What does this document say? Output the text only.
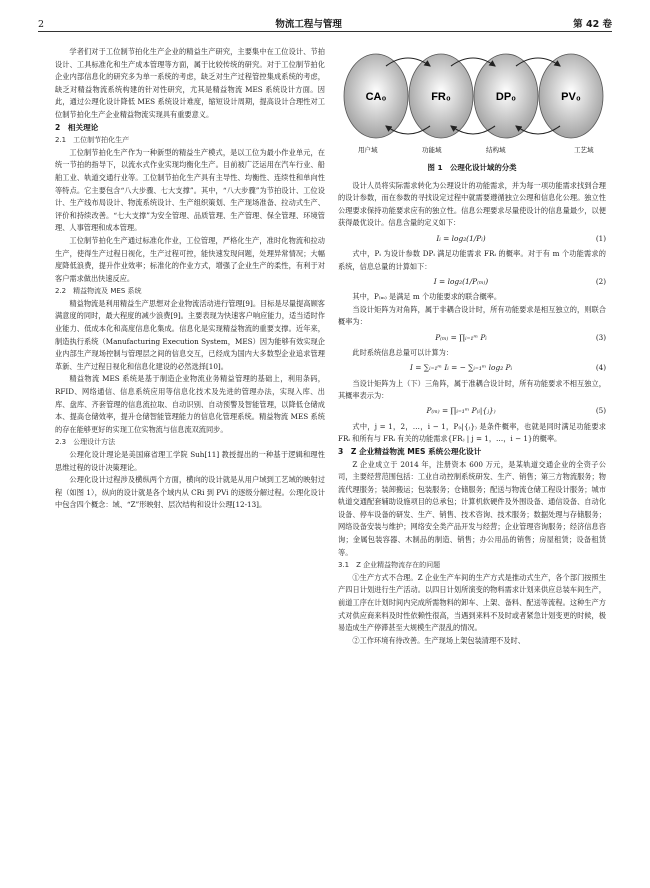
2	物流工程与管理	第 42 卷

学者们对于工位制节拍化生产企业的精益生产研究，主要集中在工位设计、节拍设计、工具标准化和生产成本管理等方面，属于比较传统的研究。对于工位制节拍化企业内部信息化的研究多为单一系统的考虑，缺乏对生产过程管控集成系统的考虑，缺乏对精益物流系统构建的针对性研究，尤其是精益物流 MES 系统设计方面。因此，通过公理化设计降低 MES 系统设计难度，缩短设计周期，提高设计合理性对工位制节拍化生产企业精益物流实现具有重要意义。

2　相关理论
2.1　工位制节拍化生产

工位制节拍化生产作为一种新型的精益生产模式，是以工位为最小作业单元，在统一节拍的指导下，以流水式作业实现均衡化生产。目前被广泛运用在汽车行业、船舶工业、轨道交通行业等。工位制节拍化生产具有主导性、均衡性、连续性和单向性等特点。它主要包含“八大步骤、七大支撑”。其中，“八大步骤”为节拍设计、工位设计、生产线布局设计、物流系统设计、生产组织策划、生产现场准备、拉动式生产、评价和持续改善。“七大支撑”为安全管理、品质管理、生产管理、保全管理、环境管理、人事管理和成本管理。

工位制节拍化生产通过标准化作业，工位管理，严格化生产，准时化物流和拉动生产，使得生产过程日视化，生产过程可控，能快速发现问题，处理异常情况；大幅度降低浪费，提升作业效率；标准化的作业方式，增强了企业生产的柔性，有利于对客户需求做出快速反应。

2.2　精益物流及 MES 系统

精益物流是利用精益生产思想对企业物流活动进行管理[9]。目标是尽量提高顾客满意度的同时，最大程度的减少浪费[9]。主要表现为快速客户响应能力，适当适时作业能力、低成本化和高度信息化集成。信息化是实现精益物流的重要支撑。近年来，制造执行系统（Manufacturing Execution System，MES）因为能够有效实现企业内部生产现场控制与管理层之间的信息交互，已经成为国内大多数型企业追求管理革新、生产过程日视化和信息化建设的必然选择[10]。

精益物流 MES 系统是基于制造企业物流业务精益管理的基础上，利用条码，RFID、网络通信、信息系统应用等信息化技术及先进的管理办法，实现入库、出库、盘库、齐套管理的信息流拉取、自动识别、自动预警及智能管理，以降低仓储成本、提高仓储效率，提升仓储智能管理能力的信息化管理系统。精益物流 MES 系统的存在能够更好的实现工位实物流与信息流双流同步。

2.3　公理设计方法

公理化设计理论是美国麻省理工学院 Suh[11] 教授提出的一种基于逻辑和理性思维过程的设计决策理论。

公理化设计过程涉及横纵两个方面，横向的设计就是从用户域到工艺域的映射过程（如图 1），纵向的设计就是各个域内从 CRi 到 PVi 的逐级分解过程。公理化设计中包含四个概念：域、“Z”形映射、层次结构和设计公理[12-13]。

CA₀	FR₀	DP₀	PV₀
用户域	功能域	结构域	工艺域
图 1　公理化设计域的分类

设计人员将实际需求转化为公理设计的功能需求，并为每一项功能需求找到合理的设计参数，而在参数的寻找设定过程中就需要遵循独立公理和信息化公理。独立性公理要求保持功能要求应有的独立性。信息公理要求尽量使设计的信息量最少，以便获得最优设计。信息含量的定义如下：

Iᵢ = log₂(1/Pᵢ)	(1)

式中，Pᵢ 为设计参数 DPᵢ 满足功能需求 FRᵢ 的概率。对于有 m 个功能需求的系统，信息总量的计算如下：

I = log₂(1/P₍ₘ₎)	(2)

其中，P₍ₘ₎ 是满足 m 个功能要求的联合概率。

当设计矩阵为对角阵，属于非耦合设计时，所有功能要求是相互独立的，则联合概率为：

P₍ₘ₎ = ∏ᵢ₌₁ᵐ Pᵢ	(3)

此时系统信息总量可以计算为：

I = ∑ᵢ₌₁ᵐ Iᵢ = − ∑ᵢ₌₁ᵐ log₂ Pᵢ	(4)

当设计矩阵为上（下）三角阵，属于准耦合设计时，所有功能要求不相互独立，其概率表示为：

P₍ₘ₎ = ∏ᵢ₌₁ᵐ P₍ᵢ|{ⱼ}₎	(5)

式中，j = 1，2，…，i − 1，P₍ᵢ|{ⱼ}₎ 是条件概率，也就是同时满足功能要求 FRᵢ 和所有与 FRᵢ 有关的功能需求{FRⱼ | j = 1，…，i − 1}的概率。

3　Z 企业精益物流 MES 系统公理化设计

Z 企业成立于 2014 年，注册资本 600 万元，是某轨道交通企业的全资子公司，主要经营范围包括：工业自动控制系统研发、生产、销售；第三方物流服务；物流代理服务；装卸搬运；包装服务；仓储服务；配送与物流仓储工程设计服务；城市轨道交通配套辅助设施项目的总承包；计算机软硬件及外围设备、通信设备、自动化设备、停车设备的研发、生产、销售、技术咨询、技术服务；数据处理与存储服务；网络设备安装与维护；网络安全类产品开发与经营；企业管理咨询服务；经济信息咨询；金属包装容器、木制品的制造、销售；办公用品的销售；房屋租赁；设备租赁等。

3.1　Z 企业精益物流存在的问题

①生产方式不合理。Z 企业生产车间的生产方式是推动式生产，各个部门按照生产四日计划进行生产活动。以四日计划所演变的物料需求计划来供应总装车间生产，前道工序在计划时间内完成所需物料的卸车、上架、备料、配送等流程。这种生产方式对供应商来料及时性依赖性很高，当遇到来料不及时或者紧急计划变更的时候，极易造成生产停滞甚至大规模生产混乱的情况。

②工作环境有待改善。生产现场上架包装清理不及时、
